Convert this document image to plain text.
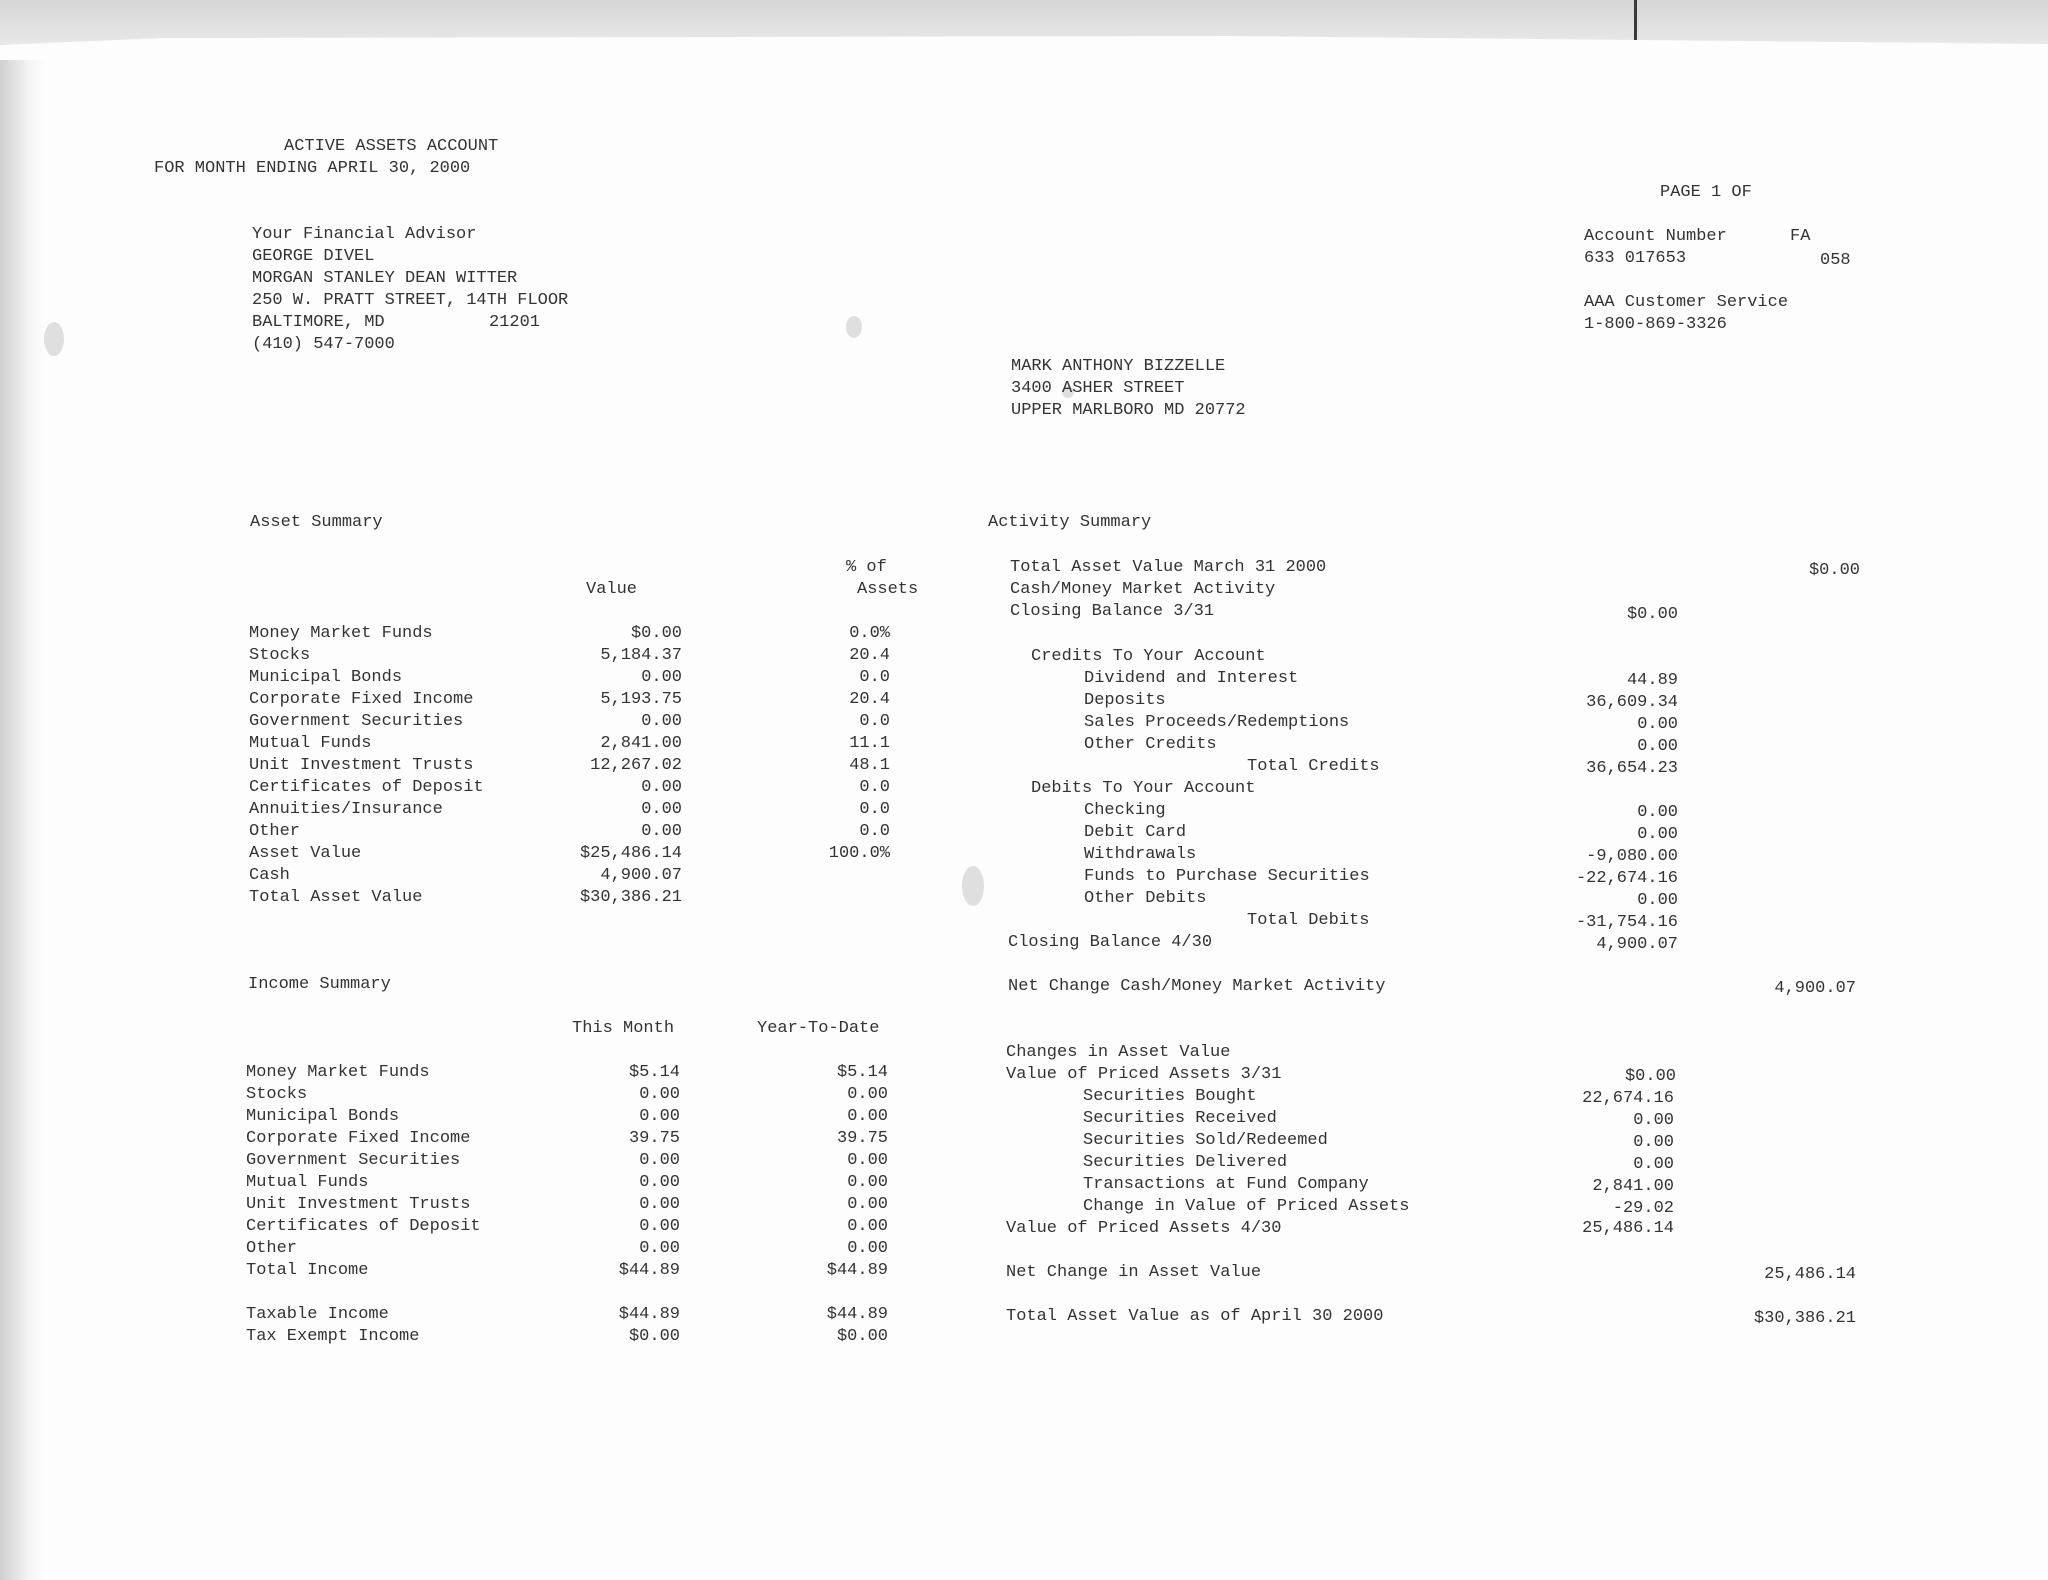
ACTIVE ASSETS ACCOUNT
FOR MONTH ENDING APRIL 30, 2000
PAGE 1 OF
Your Financial Advisor
GEORGE DIVEL
MORGAN STANLEY DEAN WITTER
250 W. PRATT STREET, 14TH FLOOR
BALTIMORE, MD	21201
(410) 547-7000
Account Number	FA
633 017653	058
AAA Customer Service
1-800-869-3326
MARK ANTHONY BIZZELLE
3400 ASHER STREET
UPPER MARLBORO MD 20772
Asset Summary
Value
% of
Assets
Money Market Funds	$0.00	0.0%
Stocks	5,184.37	20.4
Municipal Bonds	0.00	0.0
Corporate Fixed Income	5,193.75	20.4
Government Securities	0.00	0.0
Mutual Funds	2,841.00	11.1
Unit Investment Trusts	12,267.02	48.1
Certificates of Deposit	0.00	0.0
Annuities/Insurance	0.00	0.0
Other	0.00	0.0
Asset Value	$25,486.14	100.0%
Cash	4,900.07
Total Asset Value	$30,386.21
Income Summary
This Month	Year-To-Date
Money Market Funds	$5.14	$5.14
Stocks	0.00	0.00
Municipal Bonds	0.00	0.00
Corporate Fixed Income	39.75	39.75
Government Securities	0.00	0.00
Mutual Funds	0.00	0.00
Unit Investment Trusts	0.00	0.00
Certificates of Deposit	0.00	0.00
Other	0.00	0.00
Total Income	$44.89	$44.89
Taxable Income	$44.89	$44.89
Tax Exempt Income	$0.00	$0.00
Activity Summary
Total Asset Value March 31 2000	$0.00
Cash/Money Market Activity
Closing Balance 3/31	$0.00
Credits To Your Account
Dividend and Interest	44.89
Deposits	36,609.34
Sales Proceeds/Redemptions	0.00
Other Credits	0.00
Total Credits	36,654.23
Debits To Your Account
Checking	0.00
Debit Card	0.00
Withdrawals	-9,080.00
Funds to Purchase Securities	-22,674.16
Other Debits	0.00
Total Debits	-31,754.16
Closing Balance 4/30	4,900.07
Net Change Cash/Money Market Activity	4,900.07
Changes in Asset Value
Value of Priced Assets 3/31	$0.00
Securities Bought	22,674.16
Securities Received	0.00
Securities Sold/Redeemed	0.00
Securities Delivered	0.00
Transactions at Fund Company	2,841.00
Change in Value of Priced Assets	-29.02
Value of Priced Assets 4/30	25,486.14
Net Change in Asset Value	25,486.14
Total Asset Value as of April 30 2000	$30,386.21
